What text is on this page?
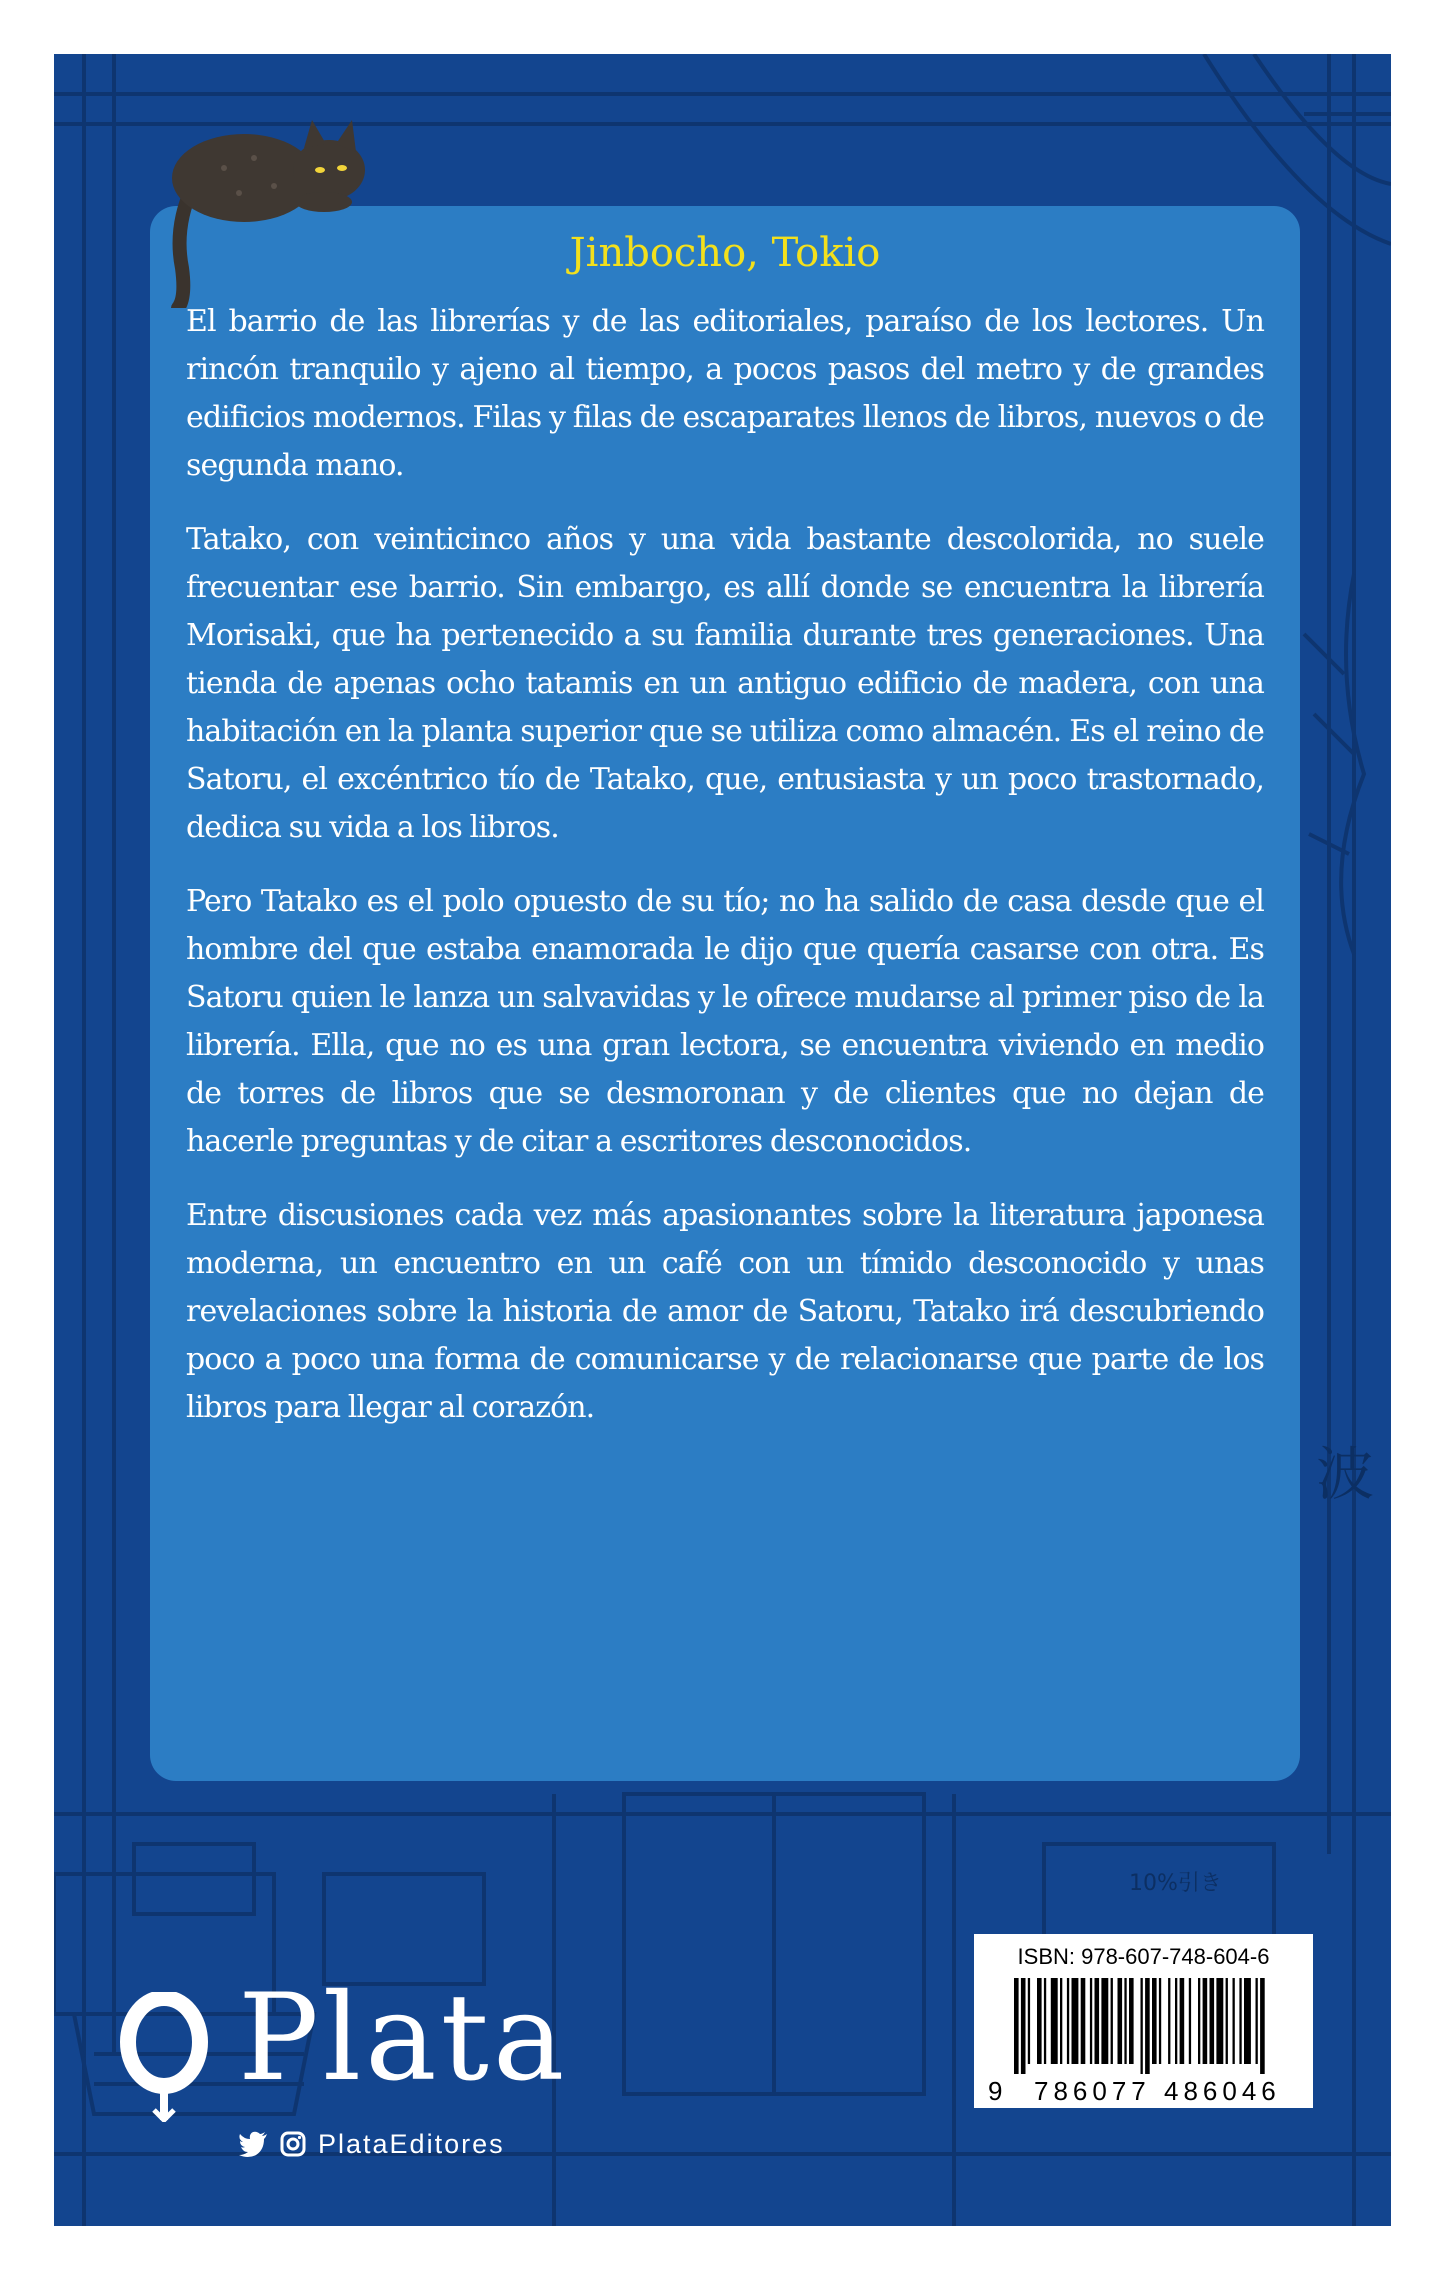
波
10%引き
Jinbocho, Tokio

El barrio de las librerías y de las editoriales, paraíso de los lectores. Un rincón tranquilo y ajeno al tiempo, a pocos pasos del metro y de grandes edificios modernos. Filas y filas de escaparates llenos de libros, nuevos o de segunda mano.

Tatako, con veinticinco años y una vida bastante descolorida, no suele frecuentar ese barrio. Sin embargo, es allí donde se encuentra la librería Morisaki, que ha pertenecido a su familia durante tres generaciones. Una tienda de apenas ocho tatamis en un antiguo edificio de madera, con una habitación en la planta superior que se utiliza como almacén. Es el reino de Satoru, el excéntrico tío de Tatako, que, entusiasta y un poco trastornado, dedica su vida a los libros.

Pero Tatako es el polo opuesto de su tío; no ha salido de casa desde que el hombre del que estaba enamorada le dijo que quería casarse con otra. Es Satoru quien le lanza un salvavidas y le ofrece mudarse al primer piso de la librería. Ella, que no es una gran lectora, se encuentra viviendo en medio de torres de libros que se desmoronan y de clientes que no dejan de hacerle preguntas y de citar a escritores desconocidos.

Entre discusiones cada vez más apasionantes sobre la literatura japonesa moderna, un encuentro en un café con un tímido desconocido y unas revelaciones sobre la historia de amor de Satoru, Tatako irá descubriendo poco a poco una forma de comunicarse y de relacionarse que parte de los libros para llegar al corazón.

Plata
PlataEditores
ISBN: 978-607-748-604-6
9 786077 486046
